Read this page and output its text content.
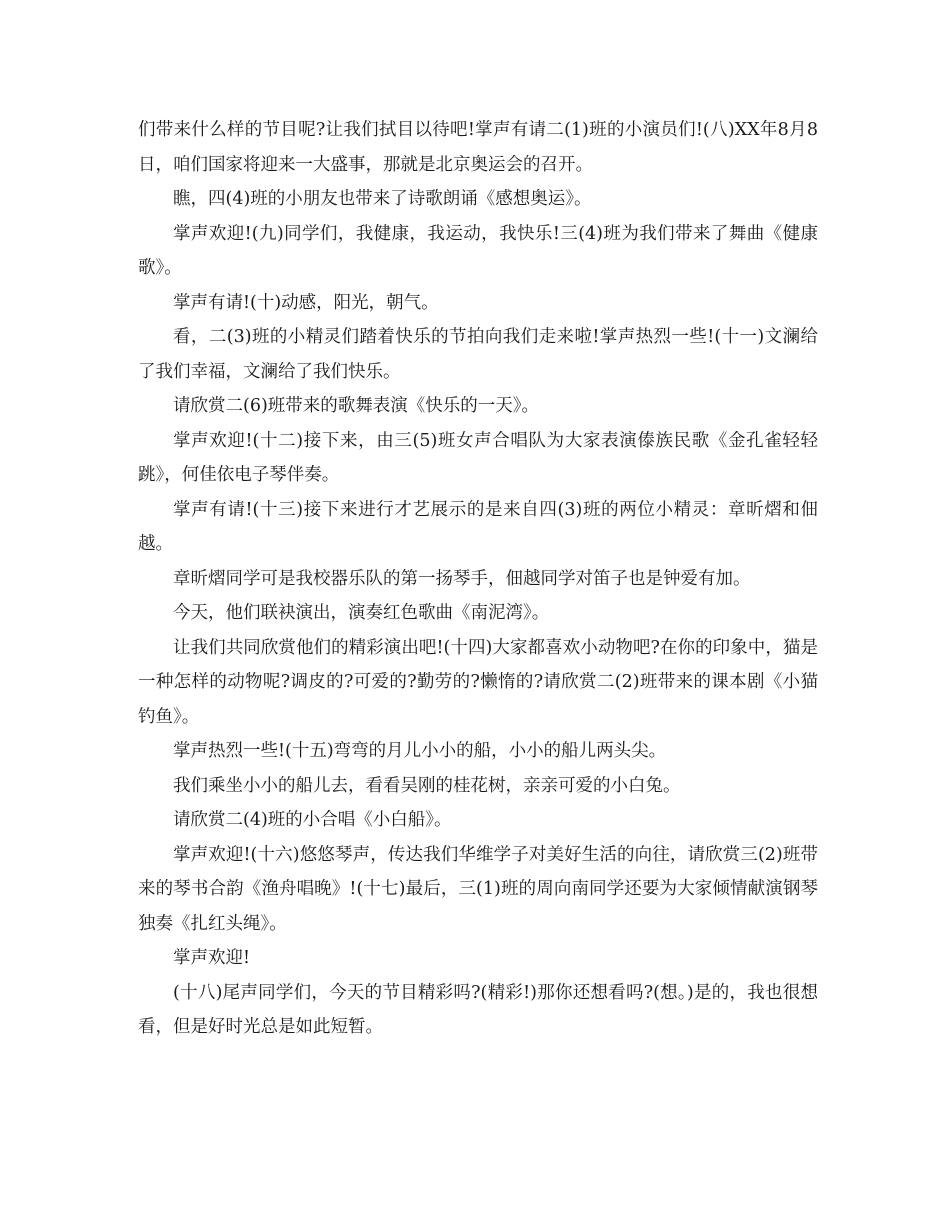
们带来什么样的节目呢?让我们拭目以待吧!掌声有请二(1)班的小演员们!(八)XX年8月8日，咱们国家将迎来一大盛事，那就是北京奥运会的召开。

瞧，四(4)班的小朋友也带来了诗歌朗诵《感想奥运》。

掌声欢迎!(九)同学们，我健康，我运动，我快乐!三(4)班为我们带来了舞曲《健康歌》。

掌声有请!(十)动感，阳光，朝气。

看，二(3)班的小精灵们踏着快乐的节拍向我们走来啦!掌声热烈一些!(十一)文澜给了我们幸福，文澜给了我们快乐。

请欣赏二(6)班带来的歌舞表演《快乐的一天》。

掌声欢迎!(十二)接下来，由三(5)班女声合唱队为大家表演傣族民歌《金孔雀轻轻跳》，何佳依电子琴伴奏。

掌声有请!(十三)接下来进行才艺展示的是来自四(3)班的两位小精灵：章昕熠和佃越。

章昕熠同学可是我校器乐队的第一扬琴手，佃越同学对笛子也是钟爱有加。

今天，他们联袂演出，演奏红色歌曲《南泥湾》。

让我们共同欣赏他们的精彩演出吧!(十四)大家都喜欢小动物吧?在你的印象中，猫是一种怎样的动物呢?调皮的?可爱的?勤劳的?懒惰的?请欣赏二(2)班带来的课本剧《小猫钓鱼》。

掌声热烈一些!(十五)弯弯的月儿小小的船，小小的船儿两头尖。

我们乘坐小小的船儿去，看看吴刚的桂花树，亲亲可爱的小白兔。

请欣赏二(4)班的小合唱《小白船》。

掌声欢迎!(十六)悠悠琴声，传达我们华维学子对美好生活的向往，请欣赏三(2)班带来的琴书合韵《渔舟唱晚》!(十七)最后，三(1)班的周向南同学还要为大家倾情献演钢琴独奏《扎红头绳》。

掌声欢迎!

(十八)尾声同学们，今天的节目精彩吗?(精彩!)那你还想看吗?(想。)是的，我也很想看，但是好时光总是如此短暂。
